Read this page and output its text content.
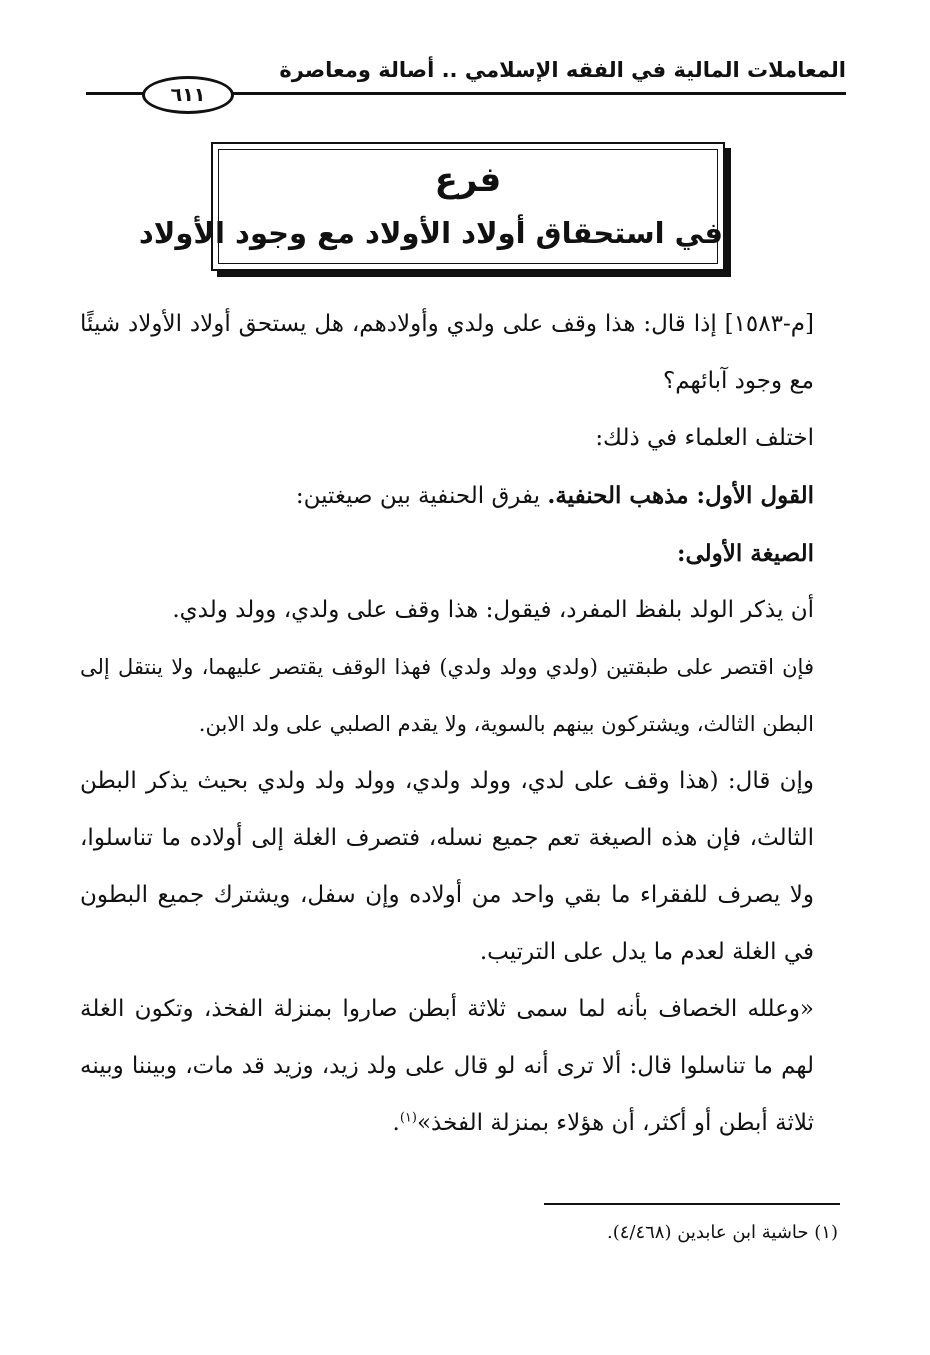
المعاملات المالية في الفقه الإسلامي .. أصالة ومعاصرة
٦١١
فرع
في استحقاق أولاد الأولاد مع وجود الأولاد

[م-١٥٨٣] إذا قال: هذا وقف على ولدي وأولادهم، هل يستحق أولاد الأولاد شيئًا مع وجود آبائهم؟

اختلف العلماء في ذلك:

القول الأول: مذهب الحنفية. يفرق الحنفية بين صيغتين:

الصيغة الأولى:

أن يذكر الولد بلفظ المفرد، فيقول: هذا وقف على ولدي، وولد ولدي.

فإن اقتصر على طبقتين (ولدي وولد ولدي) فهذا الوقف يقتصر عليهما، ولا ينتقل إلى البطن الثالث، ويشتركون بينهم بالسوية، ولا يقدم الصلبي على ولد الابن.

وإن قال: (هذا وقف على لدي، وولد ولدي، وولد ولد ولدي بحيث يذكر البطن الثالث، فإن هذه الصيغة تعم جميع نسله، فتصرف الغلة إلى أولاده ما تناسلوا، ولا يصرف للفقراء ما بقي واحد من أولاده وإن سفل، ويشترك جميع البطون في الغلة لعدم ما يدل على الترتيب.

«وعلله الخصاف بأنه لما سمى ثلاثة أبطن صاروا بمنزلة الفخذ، وتكون الغلة لهم ما تناسلوا قال: ألا ترى أنه لو قال على ولد زيد، وزيد قد مات، وبيننا وبينه ثلاثة أبطن أو أكثر، أن هؤلاء بمنزلة الفخذ»$^{(١)}$.

(١) حاشية ابن عابدين (٤/٤٦٨).
